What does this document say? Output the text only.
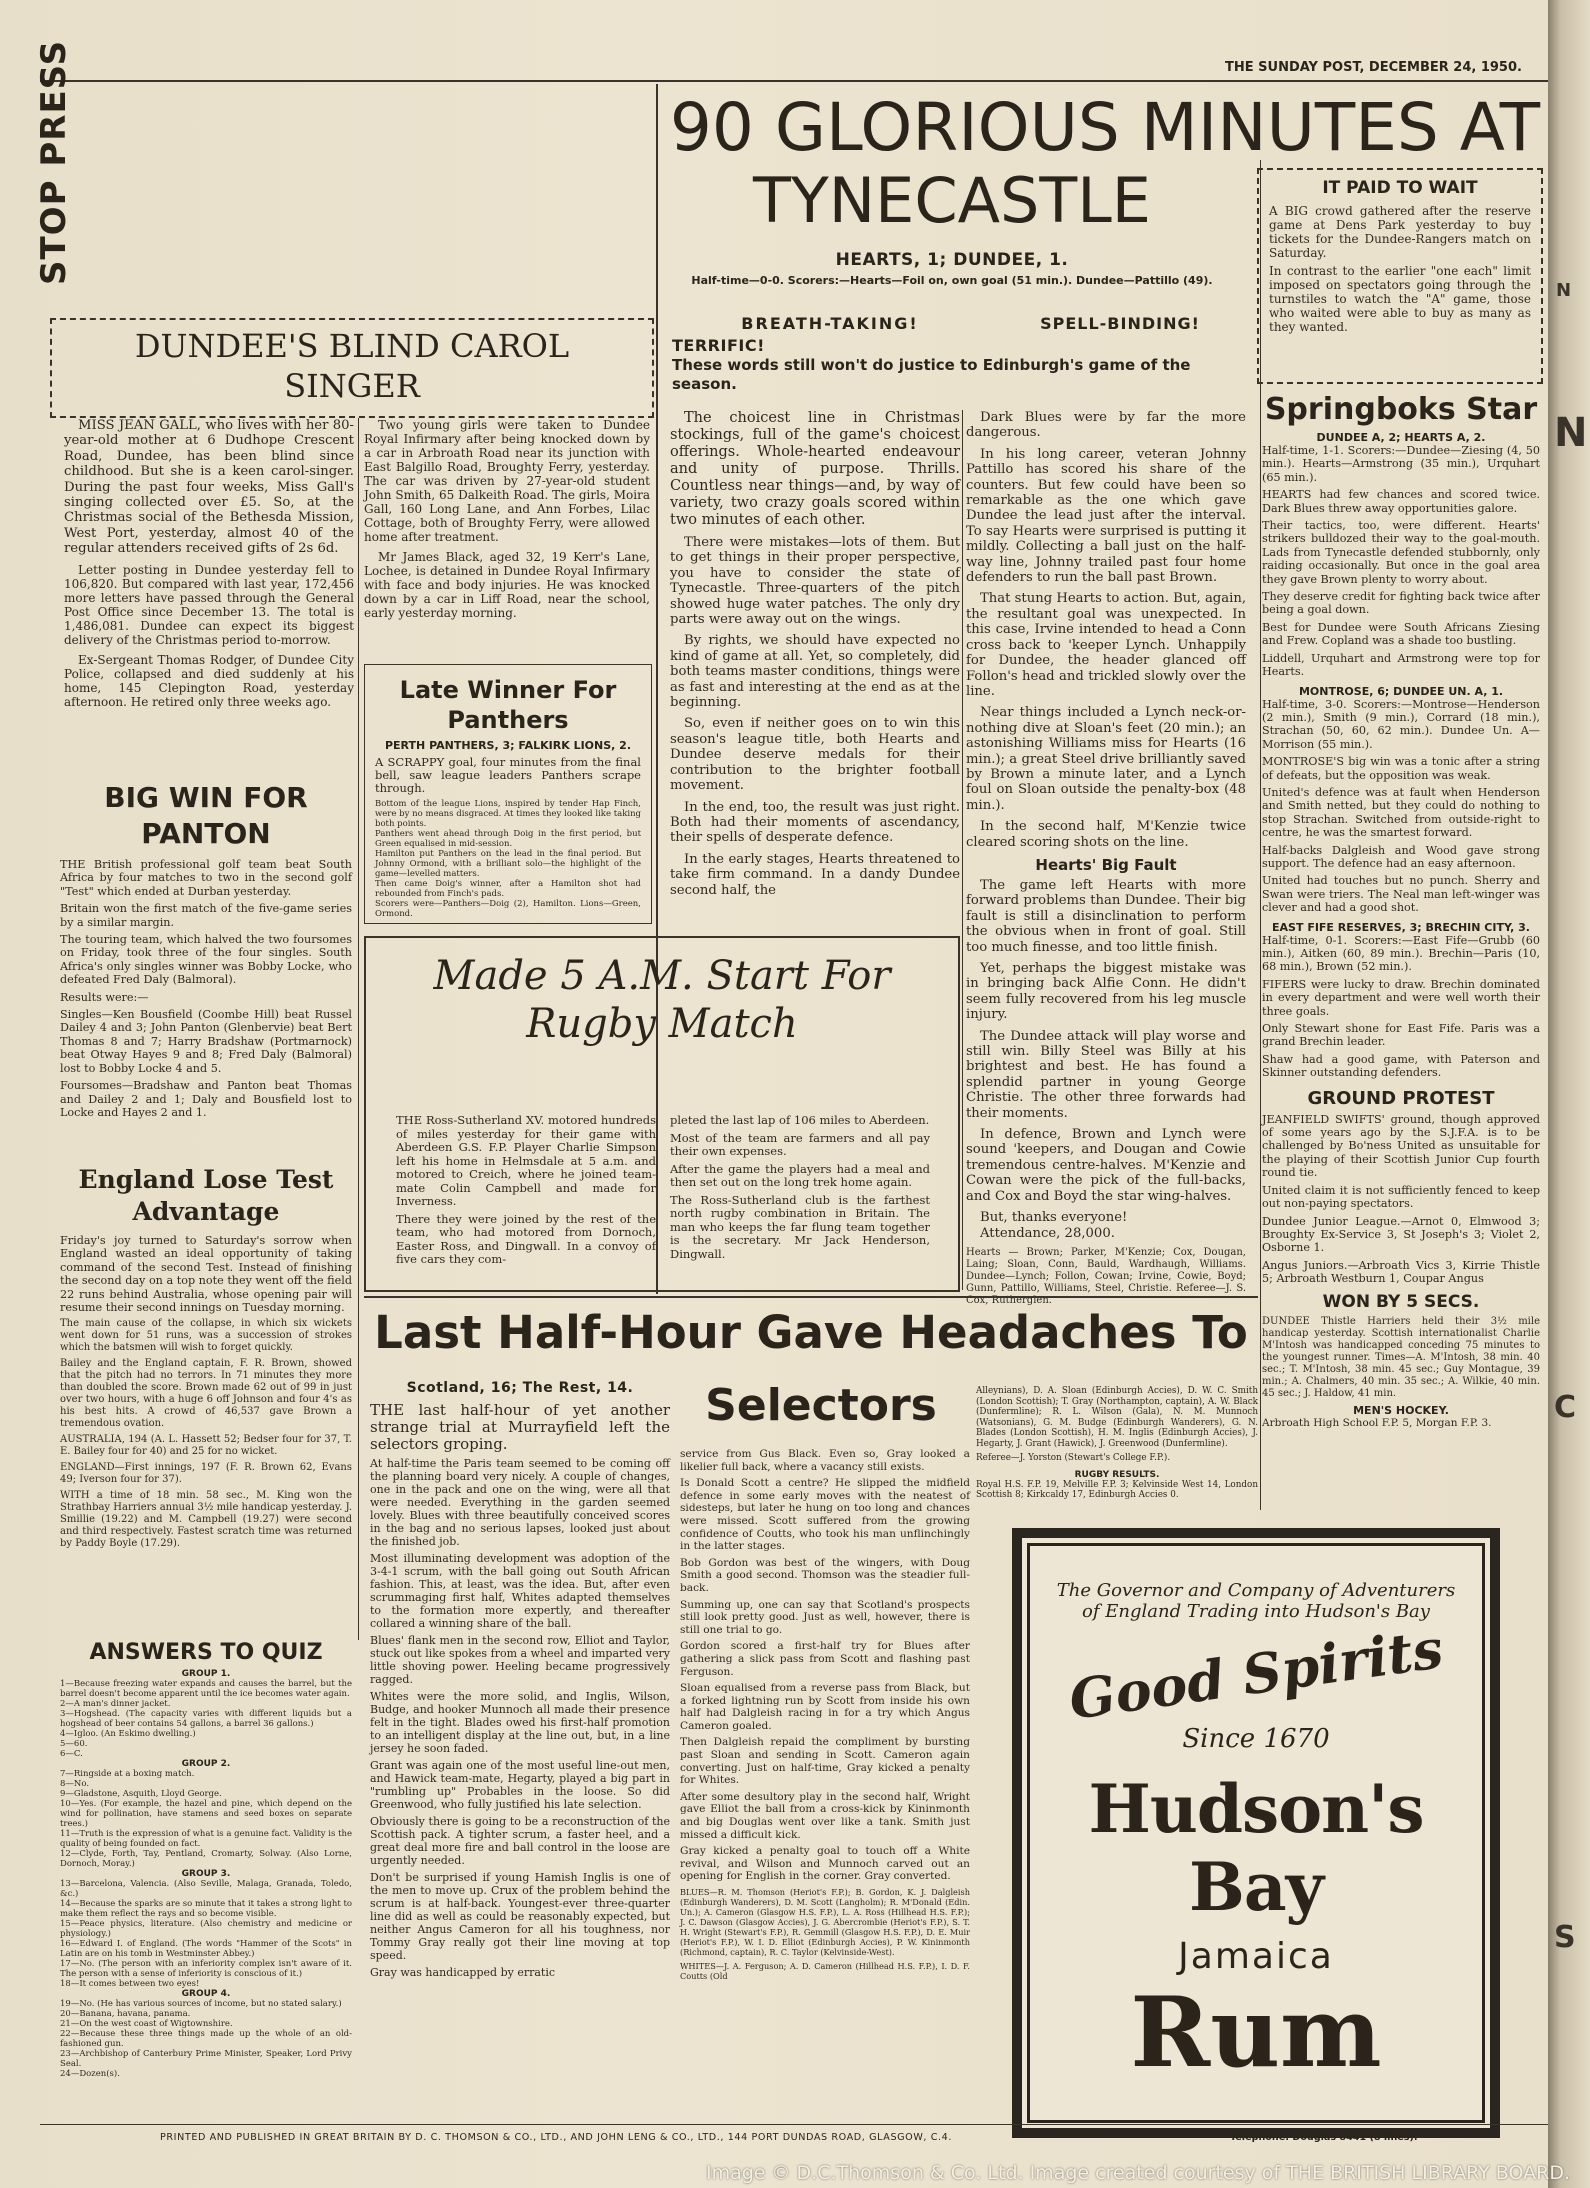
THE SUNDAY POST, DECEMBER 24, 1950.
STOP PRESS	90 GLORIOUS MINUTES AT
TYNECASTLE
HEARTS, 1; DUNDEE, 1.
Half-time—0-0. Scorers:—Hearts—Foil on, own goal (51 min.). Dundee—Pattillo (49).
BREATH-TAKING!	SPELL-BINDING!
TERRIFIC!
These words still won't do justice to Edinburgh's game of the season.

The choicest line in Christmas stockings, full of the game's choicest offerings. Whole-hearted endeavour and unity of purpose. Thrills. Countless near things—and, by way of variety, two crazy goals scored within two minutes of each other.

There were mistakes—lots of them. But to get things in their proper perspective, you have to consider the state of Tynecastle. Three-quarters of the pitch showed huge water patches. The only dry parts were away out on the wings.

By rights, we should have expected no kind of game at all. Yet, so completely, did both teams master conditions, things were as fast and interesting at the end as at the beginning.

So, even if neither goes on to win this season's league title, both Hearts and Dundee deserve medals for their contribution to the brighter football movement.

In the end, too, the result was just right. Both had their moments of ascendancy, their spells of desperate defence.

In the early stages, Hearts threatened to take firm command. In a dandy Dundee second half, the

Dark Blues were by far the more dangerous.

In his long career, veteran Johnny Pattillo has scored his share of the counters. But few could have been so remarkable as the one which gave Dundee the lead just after the interval. To say Hearts were surprised is putting it mildly. Collecting a ball just on the half-way line, Johnny trailed past four home defenders to run the ball past Brown.

That stung Hearts to action. But, again, the resultant goal was unexpected. In this case, Irvine intended to head a Conn cross back to 'keeper Lynch. Unhappily for Dundee, the header glanced off Follon's head and trickled slowly over the line.

Near things included a Lynch neck-or-nothing dive at Sloan's feet (20 min.); an astonishing Williams miss for Hearts (16 min.); a great Steel drive brilliantly saved by Brown a minute later, and a Lynch foul on Sloan outside the penalty-box (48 min.).

In the second half, M'Kenzie twice cleared scoring shots on the line.

Hearts' Big Fault

The game left Hearts with more forward problems than Dundee. Their big fault is still a disinclination to perform the obvious when in front of goal. Still too much finesse, and too little finish.

Yet, perhaps the biggest mistake was in bringing back Alfie Conn. He didn't seem fully recovered from his leg muscle injury.

The Dundee attack will play worse and still win. Billy Steel was Billy at his brightest and best. He has found a splendid partner in young George Christie. The other three forwards had their moments.

In defence, Brown and Lynch were sound 'keepers, and Dougan and Cowie tremendous centre-halves. M'Kenzie and Cowan were the pick of the full-backs, and Cox and Boyd the star wing-halves.

But, thanks everyone!

Attendance, 28,000.

Hearts — Brown; Parker, M'Kenzie; Cox, Dougan, Laing; Sloan, Conn, Bauld, Wardhaugh, Williams. Dundee—Lynch; Follon, Cowan; Irvine, Cowie, Boyd; Gunn, Pattillo, Williams, Steel, Christie. Referee—J. S. Cox, Rutherglen.

IT PAID TO WAIT

A BIG crowd gathered after the reserve game at Dens Park yesterday to buy tickets for the Dundee-Rangers match on Saturday.

In contrast to the earlier "one each" limit imposed on spectators going through the turnstiles to watch the "A" game, those who waited were able to buy as many as they wanted.

Springboks Star
DUNDEE A, 2; HEARTS A, 2.

Half-time, 1-1. Scorers:—Dundee—Ziesing (4, 50 min.). Hearts—Armstrong (35 min.), Urquhart (65 min.).

HEARTS had few chances and scored twice. Dark Blues threw away opportunities galore.

Their tactics, too, were different. Hearts' strikers bulldozed their way to the goal-mouth. Lads from Tynecastle defended stubbornly, only raiding occasionally. But once in the goal area they gave Brown plenty to worry about.

They deserve credit for fighting back twice after being a goal down.

Best for Dundee were South Africans Ziesing and Frew. Copland was a shade too bustling.

Liddell, Urquhart and Armstrong were top for Hearts.

MONTROSE, 6; DUNDEE UN. A, 1.

Half-time, 3-0. Scorers:—Montrose—Henderson (2 min.), Smith (9 min.), Corrard (18 min.), Strachan (50, 60, 62 min.). Dundee Un. A—Morrison (55 min.).

MONTROSE'S big win was a tonic after a string of defeats, but the opposition was weak.

United's defence was at fault when Henderson and Smith netted, but they could do nothing to stop Strachan. Switched from outside-right to centre, he was the smartest forward.

Half-backs Dalgleish and Wood gave strong support. The defence had an easy afternoon.

United had touches but no punch. Sherry and Swan were triers. The Neal man left-winger was clever and had a good shot.

EAST FIFE RESERVES, 3; BRECHIN CITY, 3.

Half-time, 0-1. Scorers:—East Fife—Grubb (60 min.), Aitken (60, 89 min.). Brechin—Paris (10, 68 min.), Brown (52 min.).

FIFERS were lucky to draw. Brechin dominated in every department and were well worth their three goals.

Only Stewart shone for East Fife. Paris was a grand Brechin leader.

Shaw had a good game, with Paterson and Skinner outstanding defenders.

GROUND PROTEST

JEANFIELD SWIFTS' ground, though approved of some years ago by the S.J.F.A. is to be challenged by Bo'ness United as unsuitable for the playing of their Scottish Junior Cup fourth round tie.

United claim it is not sufficiently fenced to keep out non-paying spectators.

Dundee Junior League.—Arnot 0, Elmwood 3; Broughty Ex-Service 3, St Joseph's 3; Violet 2, Osborne 1.

Angus Juniors.—Arbroath Vics 3, Kirrie Thistle 5; Arbroath Westburn 1, Coupar Angus

WON BY 5 SECS.

DUNDEE Thistle Harriers held their 3½ mile handicap yesterday. Scottish internationalist Charlie M'Intosh was handicapped conceding 75 minutes to the youngest runner. Times—A. M'Intosh, 38 min. 40 sec.; T. M'Intosh, 38 min. 45 sec.; Guy Montague, 39 min.; A. Chalmers, 40 min. 35 sec.; A. Wilkie, 40 min. 45 sec.; J. Haldow, 41 min.

MEN'S HOCKEY.

Arbroath High School F.P. 5, Morgan F.P. 3.

DUNDEE'S BLIND CAROL
SINGER

MISS JEAN GALL, who lives with her 80-year-old mother at 6 Dudhope Crescent Road, Dundee, has been blind since childhood. But she is a keen carol-singer. During the past four weeks, Miss Gall's singing collected over £5. So, at the Christmas social of the Bethesda Mission, West Port, yesterday, almost 40 of the regular attenders received gifts of 2s 6d.

Letter posting in Dundee yesterday fell to 106,820. But compared with last year, 172,456 more letters have passed through the General Post Office since December 13. The total is 1,486,081. Dundee can expect its biggest delivery of the Christmas period to-morrow.

Ex-Sergeant Thomas Rodger, of Dundee City Police, collapsed and died suddenly at his home, 145 Clepington Road, yesterday afternoon. He retired only three weeks ago.

Two young girls were taken to Dundee Royal Infirmary after being knocked down by a car in Arbroath Road near its junction with East Balgillo Road, Broughty Ferry, yesterday. The car was driven by 27-year-old student John Smith, 65 Dalkeith Road. The girls, Moira Gall, 160 Long Lane, and Ann Forbes, Lilac Cottage, both of Broughty Ferry, were allowed home after treatment.

Mr James Black, aged 32, 19 Kerr's Lane, Lochee, is detained in Dundee Royal Infirmary with face and body injuries. He was knocked down by a car in Liff Road, near the school, early yesterday morning.

BIG WIN FOR
PANTON

THE British professional golf team beat South Africa by four matches to two in the second golf "Test" which ended at Durban yesterday.

Britain won the first match of the five-game series by a similar margin.

The touring team, which halved the two foursomes on Friday, took three of the four singles. South Africa's only singles winner was Bobby Locke, who defeated Fred Daly (Balmoral).

Results were:—

Singles—Ken Bousfield (Coombe Hill) beat Russel Dailey 4 and 3; John Panton (Glenbervie) beat Bert Thomas 8 and 7; Harry Bradshaw (Portmarnock) beat Otway Hayes 9 and 8; Fred Daly (Balmoral) lost to Bobby Locke 4 and 5.

Foursomes—Bradshaw and Panton beat Thomas and Dailey 2 and 1; Daly and Bousfield lost to Locke and Hayes 2 and 1.

England Lose Test
Advantage

Friday's joy turned to Saturday's sorrow when England wasted an ideal opportunity of taking command of the second Test. Instead of finishing the second day on a top note they went off the field 22 runs behind Australia, whose opening pair will resume their second innings on Tuesday morning.

The main cause of the collapse, in which six wickets went down for 51 runs, was a succession of strokes which the batsmen will wish to forget quickly.

Bailey and the England captain, F. R. Brown, showed that the pitch had no terrors. In 71 minutes they more than doubled the score. Brown made 62 out of 99 in just over two hours, with a huge 6 off Johnson and four 4's as his best hits. A crowd of 46,537 gave Brown a tremendous ovation.

AUSTRALIA, 194 (A. L. Hassett 52; Bedser four for 37, T. E. Bailey four for 40) and 25 for no wicket.

ENGLAND—First innings, 197 (F. R. Brown 62, Evans 49; Iverson four for 37).

WITH a time of 18 min. 58 sec., M. King won the Strathbay Harriers annual 3½ mile handicap yesterday. J. Smillie (19.22) and M. Campbell (19.27) were second and third respectively. Fastest scratch time was returned by Paddy Boyle (17.29).

ANSWERS TO QUIZ
GROUP 1.

1—Because freezing water expands and causes the barrel, but the barrel doesn't become apparent until the ice becomes water again.

2—A man's dinner jacket.

3—Hogshead. (The capacity varies with different liquids but a hogshead of beer contains 54 gallons, a barrel 36 gallons.)

4—Igloo. (An Eskimo dwelling.)

5—60.

6—C.

GROUP 2.

7—Ringside at a boxing match.

8—No.

9—Gladstone, Asquith, Lloyd George.

10—Yes. (For example, the hazel and pine, which depend on the wind for pollination, have stamens and seed boxes on separate trees.)

11—Truth is the expression of what is a genuine fact. Validity is the quality of being founded on fact.

12—Clyde, Forth, Tay, Pentland, Cromarty, Solway. (Also Lorne, Dornoch, Moray.)

GROUP 3.

13—Barcelona, Valencia. (Also Seville, Malaga, Granada, Toledo, &c.)

14—Because the sparks are so minute that it takes a strong light to make them reflect the rays and so become visible.

15—Peace physics, literature. (Also chemistry and medicine or physiology.)

16—Edward I. of England. (The words "Hammer of the Scots" in Latin are on his tomb in Westminster Abbey.)

17—No. (The person with an inferiority complex isn't aware of it. The person with a sense of inferiority is conscious of it.)

18—It comes between two eyes!

GROUP 4.

19—No. (He has various sources of income, but no stated salary.)

20—Banana, havana, panama.

21—On the west coast of Wigtownshire.

22—Because these three things made up the whole of an old-fashioned gun.

23—Archbishop of Canterbury Prime Minister, Speaker, Lord Privy Seal.

24—Dozen(s).

Late Winner For
Panthers
PERTH PANTHERS, 3; FALKIRK LIONS, 2.

A SCRAPPY goal, four minutes from the final bell, saw league leaders Panthers scrape through.

Bottom of the league Lions, inspired by tender Hap Finch, were by no means disgraced. At times they looked like taking both points.

Panthers went ahead through Doig in the first period, but Green equalised in mid-session.

Hamilton put Panthers on the lead in the final period. But Johnny Ormond, with a brilliant solo—the highlight of the game—levelled matters.

Then came Doig's winner, after a Hamilton shot had rebounded from Finch's pads.

Scorers were—Panthers—Doig (2), Hamilton. Lions—Green, Ormond.

Made 5 A.M. Start For
Rugby Match

THE Ross-Sutherland XV. motored hundreds of miles yesterday for their game with Aberdeen G.S. F.P. Player Charlie Simpson left his home in Helmsdale at 5 a.m. and motored to Creich, where he joined team-mate Colin Campbell and made for Inverness.

There they were joined by the rest of the team, who had motored from Dornoch, Easter Ross, and Dingwall. In a convoy of five cars they com-

pleted the last lap of 106 miles to Aberdeen.

Most of the team are farmers and all pay their own expenses.

After the game the players had a meal and then set out on the long trek home again.

The Ross-Sutherland club is the farthest north rugby combination in Britain. The man who keeps the far flung team together is the secretary. Mr Jack Henderson, Dingwall.

Last Half-Hour Gave Headaches To
Scotland, 16; The Rest, 14.	Selectors

THE last half-hour of yet another strange trial at Murrayfield left the selectors groping.

At half-time the Paris team seemed to be coming off the planning board very nicely. A couple of changes, one in the pack and one on the wing, were all that were needed. Everything in the garden seemed lovely. Blues with three beautifully conceived scores in the bag and no serious lapses, looked just about the finished job.

Most illuminating development was adoption of the 3-4-1 scrum, with the ball going out South African fashion. This, at least, was the idea. But, after even scrummaging first half, Whites adapted themselves to the formation more expertly, and thereafter collared a winning share of the ball.

Blues' flank men in the second row, Elliot and Taylor, stuck out like spokes from a wheel and imparted very little shoving power. Heeling became progressively ragged.

Whites were the more solid, and Inglis, Wilson, Budge, and hooker Munnoch all made their presence felt in the tight. Blades owed his first-half promotion to an intelligent display at the line out, but, in a line jersey he soon faded.

Grant was again one of the most useful line-out men, and Hawick team-mate, Hegarty, played a big part in "rumbling up" Probables in the loose. So did Greenwood, who fully justified his late selection.

Obviously there is going to be a reconstruction of the Scottish pack. A tighter scrum, a faster heel, and a great deal more fire and ball control in the loose are urgently needed.

Don't be surprised if young Hamish Inglis is one of the men to move up. Crux of the problem behind the scrum is at half-back. Youngest-ever three-quarter line did as well as could be reasonably expected, but neither Angus Cameron for all his toughness, nor Tommy Gray really got their line moving at top speed.

Gray was handicapped by erratic

service from Gus Black. Even so, Gray looked a likelier full back, where a vacancy still exists.

Is Donald Scott a centre? He slipped the midfield defence in some early moves with the neatest of sidesteps, but later he hung on too long and chances were missed. Scott suffered from the growing confidence of Coutts, who took his man unflinchingly in the latter stages.

Bob Gordon was best of the wingers, with Doug Smith a good second. Thomson was the steadier full-back.

Summing up, one can say that Scotland's prospects still look pretty good. Just as well, however, there is still one trial to go.

Gordon scored a first-half try for Blues after gathering a slick pass from Scott and flashing past Ferguson.

Sloan equalised from a reverse pass from Black, but a forked lightning run by Scott from inside his own half had Dalgleish racing in for a try which Angus Cameron goaled.

Then Dalgleish repaid the compliment by bursting past Sloan and sending in Scott. Cameron again converting. Just on half-time, Gray kicked a penalty for Whites.

After some desultory play in the second half, Wright gave Elliot the ball from a cross-kick by Kininmonth and big Douglas went over like a tank. Smith just missed a difficult kick.

Gray kicked a penalty goal to touch off a White revival, and Wilson and Munnoch carved out an opening for English in the corner. Gray converted.

BLUES—R. M. Thomson (Heriot's F.P.); B. Gordon, K. J. Dalgleish (Edinburgh Wanderers), D. M. Scott (Langholm); R. M'Donald (Edin. Un.); A. Cameron (Glasgow H.S. F.P.), L. A. Ross (Hillhead H.S. F.P.); J. C. Dawson (Glasgow Accies), J. G. Abercrombie (Heriot's F.P.), S. T. H. Wright (Stewart's F.P.), R. Gemmill (Glasgow H.S. F.P.), D. E. Muir (Heriot's F.P.), W. I. D. Elliot (Edinburgh Accies), P. W. Kininmonth (Richmond, captain), R. C. Taylor (Kelvinside-West).

WHITES—J. A. Ferguson; A. D. Cameron (Hillhead H.S. F.P.), I. D. F. Coutts (Old

Alleynians), D. A. Sloan (Edinburgh Accies), D. W. C. Smith (London Scottish); T. Gray (Northampton, captain), A. W. Black (Dunfermline); R. L. Wilson (Gala), N. M. Munnoch (Watsonians), G. M. Budge (Edinburgh Wanderers), G. N. Blades (London Scottish), H. M. Inglis (Edinburgh Accies), J. Hegarty, J. Grant (Hawick), J. Greenwood (Dunfermline).

Referee—J. Yorston (Stewart's College F.P.).

RUGBY RESULTS.

Royal H.S. F.P. 19, Melville F.P. 3; Kelvinside West 14, London Scottish 8; Kirkcaldy 17, Edinburgh Accies 0.

The Governor and Company of Adventurers
of England Trading into Hudson's Bay
Good Spirits
Since 1670
Hudson's Bay
Jamaica
Rum
PRINTED AND PUBLISHED IN GREAT BRITAIN BY D. C. THOMSON & CO., LTD., AND JOHN LENG & CO., LTD., 144 PORT DUNDAS ROAD, GLASGOW, C.4.	Telephone: Douglas 8441 (8 lines).
N
N
C
S
Image © D.C.Thomson & Co. Ltd. Image created courtesy of THE BRITISH LIBRARY BOARD.
